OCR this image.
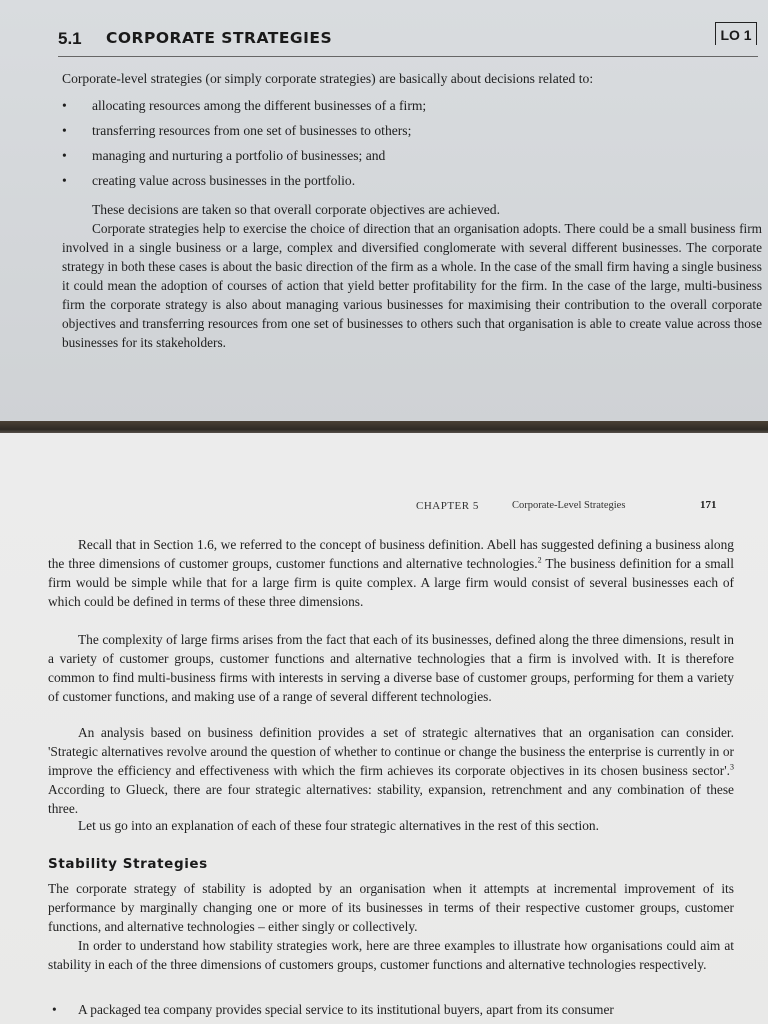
5.1 CORPORATE STRATEGIES	LO 1

Corporate-level strategies (or simply corporate strategies) are basically about decisions related to:

• allocating resources among the different businesses of a firm;
• transferring resources from one set of businesses to others;
• managing and nurturing a portfolio of businesses; and
• creating value across businesses in the portfolio.

These decisions are taken so that overall corporate objectives are achieved.

Corporate strategies help to exercise the choice of direction that an organisation adopts. There could be a small business firm involved in a single business or a large, complex and diversified conglomerate with several different businesses. The corporate strategy in both these cases is about the basic direction of the firm as a whole. In the case of the small firm having a single business it could mean the adoption of courses of action that yield better profitability for the firm. In the case of the large, multi-business firm the corporate strategy is also about managing various businesses for maximising their contribution to the overall corporate objectives and transferring resources from one set of businesses to others such that organisation is able to create value across those businesses for its stakeholders.

CHAPTER 5	Corporate-Level Strategies	171

Recall that in Section 1.6, we referred to the concept of business definition. Abell has suggested defining a business along the three dimensions of customer groups, customer functions and alternative technologies.$^2$ The business definition for a small firm would be simple while that for a large firm is quite complex. A large firm would consist of several businesses each of which could be defined in terms of these three dimensions.

The complexity of large firms arises from the fact that each of its businesses, defined along the three dimensions, result in a variety of customer groups, customer functions and alternative technologies that a firm is involved with. It is therefore common to find multi-business firms with interests in serving a diverse base of customer groups, performing for them a variety of customer functions, and making use of a range of several different technologies.

An analysis based on business definition provides a set of strategic alternatives that an organisation can consider. 'Strategic alternatives revolve around the question of whether to continue or change the business the enterprise is currently in or improve the efficiency and effectiveness with which the firm achieves its corporate objectives in its chosen business sector'.$^3$ According to Glueck, there are four strategic alternatives: stability, expansion, retrenchment and any combination of these three.

Let us go into an explanation of each of these four strategic alternatives in the rest of this section.

Stability Strategies

The corporate strategy of stability is adopted by an organisation when it attempts at incremental improvement of its performance by marginally changing one or more of its businesses in terms of their respective customer groups, customer functions, and alternative technologies – either singly or collectively.

In order to understand how stability strategies work, here are three examples to illustrate how organisations could aim at stability in each of the three dimensions of customers groups, customer functions and alternative technologies respectively.

• A packaged tea company provides special service to its institutional buyers, apart from its consumer
